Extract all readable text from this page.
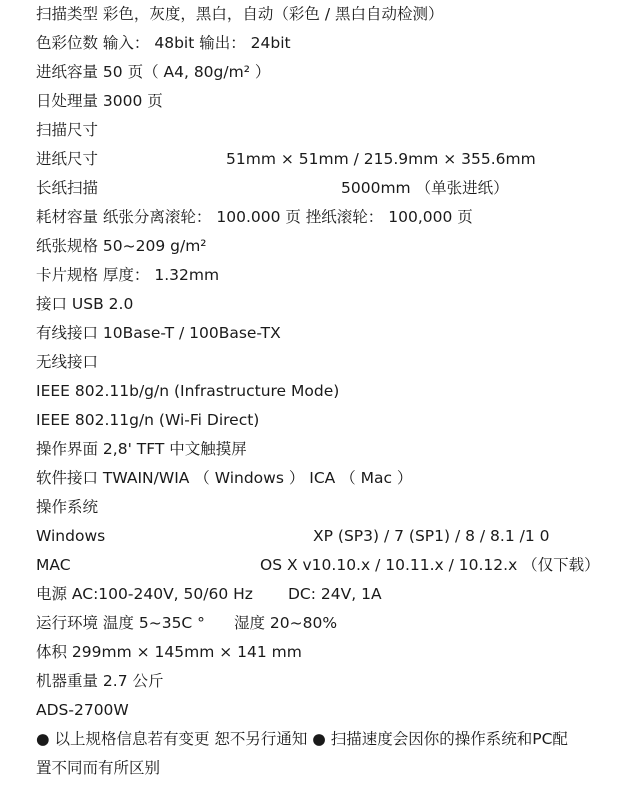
扫描类型 彩色，灰度，黑白，自动（彩色 / 黑白自动检测）
色彩位数 输入： 48bit 输出： 24bit
进纸容量 50 页（ A4, 80g/m² ）
日处理量 3000 页
扫描尺寸
进纸尺寸	51mm × 51mm / 215.9mm × 355.6mm
长纸扫描	5000mm （单张进纸）
耗材容量 纸张分离滚轮： 100.000 页 挫纸滚轮： 100,000 页
纸张规格 50~209 g/m²
卡片规格 厚度： 1.32mm
接口 USB 2.0
有线接口 10Base-T / 100Base-TX
无线接口
IEEE 802.11b/g/n (Infrastructure Mode)
IEEE 802.11g/n (Wi-Fi Direct)
操作界面 2,8' TFT 中文触摸屏
软件接口 TWAIN/WIA （ Windows ） ICA （ Mac ）
操作系统
Windows	XP (SP3) / 7 (SP1) / 8 / 8.1 /1 0
MAC	OS X v10.10.x / 10.11.x / 10.12.x （仅下载）
电源 AC:100-240V, 50/60 Hz DC: 24V, 1A
运行环境 温度 5~35C ° 湿度 20~80%
体积 299mm × 145mm × 141 mm
机器重量 2.7 公斤
ADS-2700W
● 以上规格信息若有变更 恕不另行通知 ● 扫描速度会因你的操作系统和PC配
置不同而有所区别
